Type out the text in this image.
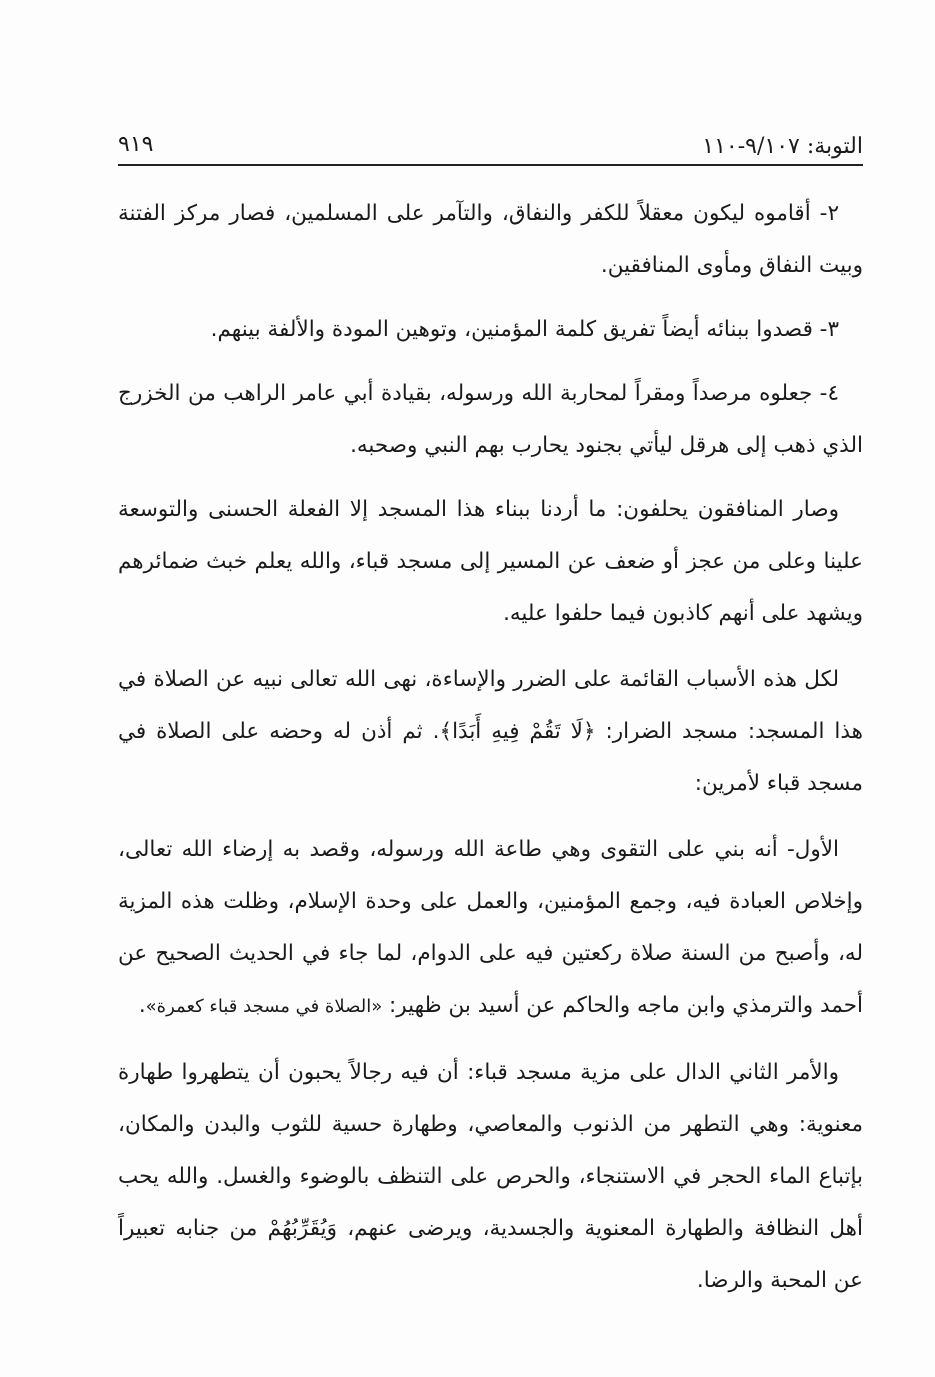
التوبة: ٩/١٠٧-١١٠
٩١٩

٢- أقاموه ليكون معقلاً للكفر والنفاق، والتآمر على المسلمين، فصار مركز الفتنة وبيت النفاق ومأوى المنافقين.

٣- قصدوا ببنائه أيضاً تفريق كلمة المؤمنين، وتوهين المودة والألفة بينهم.

٤- جعلوه مرصداً ومقراً لمحاربة الله ورسوله، بقيادة أبي عامر الراهب من الخزرج الذي ذهب إلى هرقل ليأتي بجنود يحارب بهم النبي وصحبه.

وصار المنافقون يحلفون: ما أردنا ببناء هذا المسجد إلا الفعلة الحسنى والتوسعة علينا وعلى من عجز أو ضعف عن المسير إلى مسجد قباء، والله يعلم خبث ضمائرهم ويشهد على أنهم كاذبون فيما حلفوا عليه.

لكل هذه الأسباب القائمة على الضرر والإساءة، نهى الله تعالى نبيه عن الصلاة في هذا المسجد: مسجد الضرار: ﴿لَا تَقُمْ فِيهِ أَبَدًا﴾. ثم أذن له وحضه على الصلاة في مسجد قباء لأمرين:

الأول- أنه بني على التقوى وهي طاعة الله ورسوله، وقصد به إرضاء الله تعالى، وإخلاص العبادة فيه، وجمع المؤمنين، والعمل على وحدة الإسلام، وظلت هذه المزية له، وأصبح من السنة صلاة ركعتين فيه على الدوام، لما جاء في الحديث الصحيح عن أحمد والترمذي وابن ماجه والحاكم عن أسيد بن ظهير: «الصلاة في مسجد قباء كعمرة».

والأمر الثاني الدال على مزية مسجد قباء: أن فيه رجالاً يحبون أن يتطهروا طهارة معنوية: وهي التطهر من الذنوب والمعاصي، وطهارة حسية للثوب والبدن والمكان، بإتباع الماء الحجر في الاستنجاء، والحرص على التنظف بالوضوء والغسل. والله يحب أهل النظافة والطهارة المعنوية والجسدية، ويرضى عنهم، وَيُقَرِّبُهُمْ من جنابه تعبيراً عن المحبة والرضا.
